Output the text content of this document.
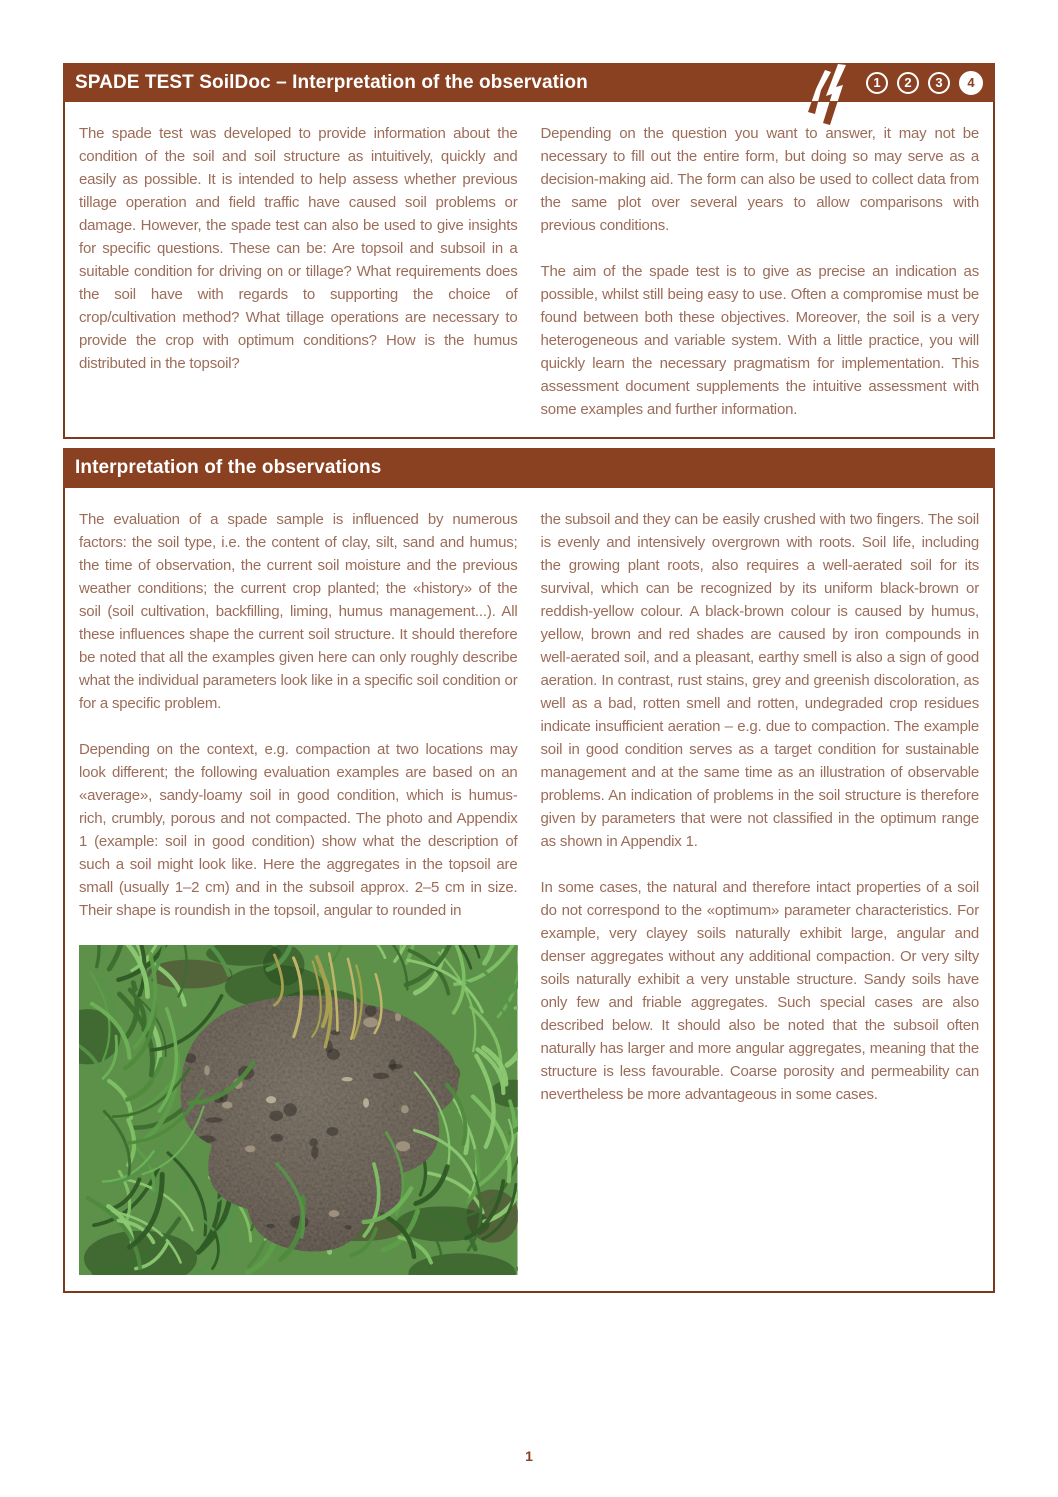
SPADE TEST SoilDoc – Interpretation of the observation	1	2	3	4

The spade test was developed to provide information about the condition of the soil and soil structure as intuitively, quickly and easily as possible. It is intended to help assess whether previous tillage operation and field traffic have caused soil problems or damage. However, the spade test can also be used to give insights for specific questions. These can be: Are topsoil and subsoil in a suitable condition for driving on or tillage? What requirements does the soil have with regards to supporting the choice of crop/cultivation method? What tillage operations are necessary to provide the crop with optimum conditions? How is the humus distributed in the topsoil?

Depending on the question you want to answer, it may not be necessary to fill out the entire form, but doing so may serve as a decision-making aid. The form can also be used to collect data from the same plot over several years to allow comparisons with previous conditions.

The aim of the spade test is to give as precise an indication as possible, whilst still being easy to use. Often a compromise must be found between both these objectives. Moreover, the soil is a very heterogeneous and variable system. With a little practice, you will quickly learn the necessary pragmatism for implementation. This assessment document supplements the intuitive assessment with some examples and further information.

Interpretation of the observations

The evaluation of a spade sample is influenced by numerous factors: the soil type, i.e. the content of clay, silt, sand and humus; the time of observation, the current soil moisture and the previous weather conditions; the current crop planted; the «history» of the soil (soil cultivation, backfilling, liming, humus management...). All these influences shape the current soil structure. It should therefore be noted that all the examples given here can only roughly describe what the individual parameters look like in a specific soil condition or for a specific problem.

Depending on the context, e.g. compaction at two locations may look different; the following evaluation examples are based on an «average», sandy-loamy soil in good condition, which is humus-rich, crumbly, porous and not compacted. The photo and Appendix 1 (example: soil in good condition) show what the description of such a soil might look like. Here the aggregates in the topsoil are small (usually 1–2 cm) and in the subsoil approx. 2–5 cm in size. Their shape is roundish in the topsoil, angular to rounded in

the subsoil and they can be easily crushed with two fingers. The soil is evenly and intensively overgrown with roots. Soil life, including the growing plant roots, also requires a well-aerated soil for its survival, which can be recognized by its uniform black-brown or reddish-yellow colour. A black-brown colour is caused by humus, yellow, brown and red shades are caused by iron compounds in well-aerated soil, and a pleasant, earthy smell is also a sign of good aeration. In contrast, rust stains, grey and greenish discoloration, as well as a bad, rotten smell and rotten, undegraded crop residues indicate insufficient aeration – e.g. due to compaction. The example soil in good condition serves as a target condition for sustainable management and at the same time as an illustration of observable problems. An indication of problems in the soil structure is therefore given by parameters that were not classified in the optimum range as shown in Appendix 1.

In some cases, the natural and therefore intact properties of a soil do not correspond to the «optimum» parameter characteristics. For example, very clayey soils naturally exhibit large, angular and denser aggregates without any additional compaction. Or very silty soils naturally exhibit a very unstable structure. Sandy soils have only few and friable aggregates. Such special cases are also described below. It should also be noted that the subsoil often naturally has larger and more angular aggregates, meaning that the structure is less favourable. Coarse porosity and permeability can nevertheless be more advantageous in some cases.

1
